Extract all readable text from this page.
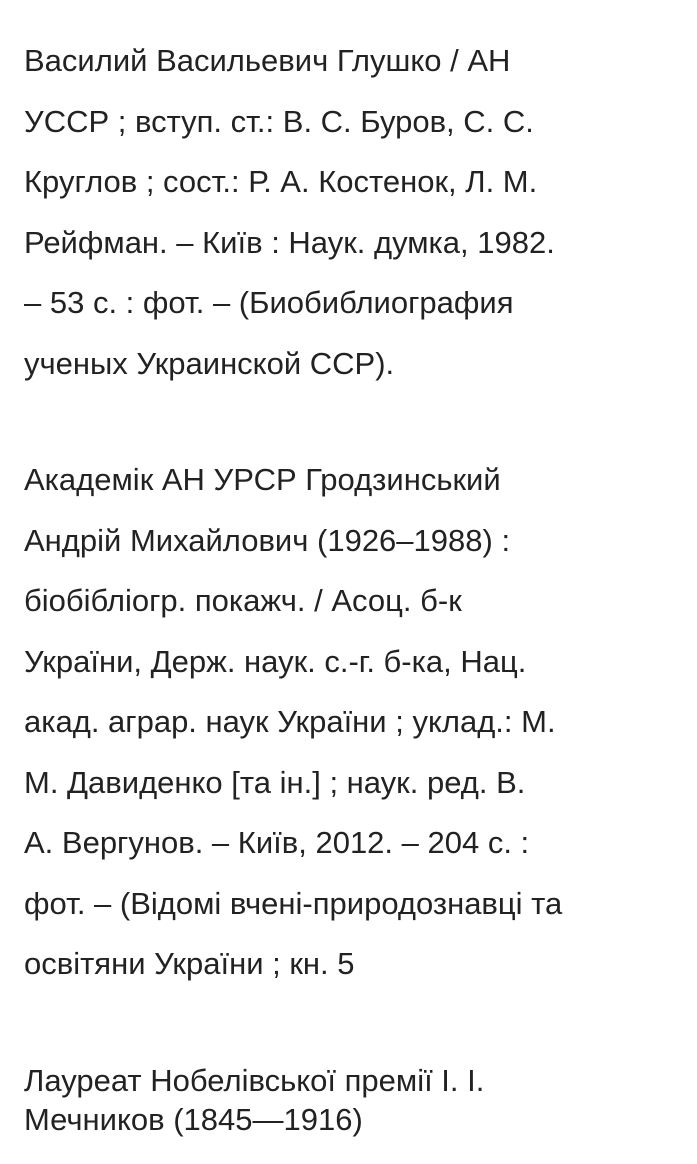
Василий Васильевич Глушко / АН
УССР ; вступ. ст.: В. С. Буров, С. С.
Круглов ; сост.: Р. А. Костенок, Л. М.
Рейфман. – Київ : Наук. думка, 1982.
– 53 с. : фот. – (Биобиблиография
ученых Украинской ССР).
Академік АН УРСР Гродзинський
Андрій Михайлович (1926–1988) :
біобібліогр. покажч. / Асоц. б-к
України, Держ. наук. с.-г. б-ка, Нац.
акад. аграр. наук України ; уклад.: М.
М. Давиденко [та ін.] ; наук. ред. В.
А. Вергунов. – Київ, 2012. – 204 с. :
фот. – (Відомі вчені-природознавці та
освітяни України ; кн. 5
Лауреат Нобелівської премії І. І.
Мечников (1845—1916)
